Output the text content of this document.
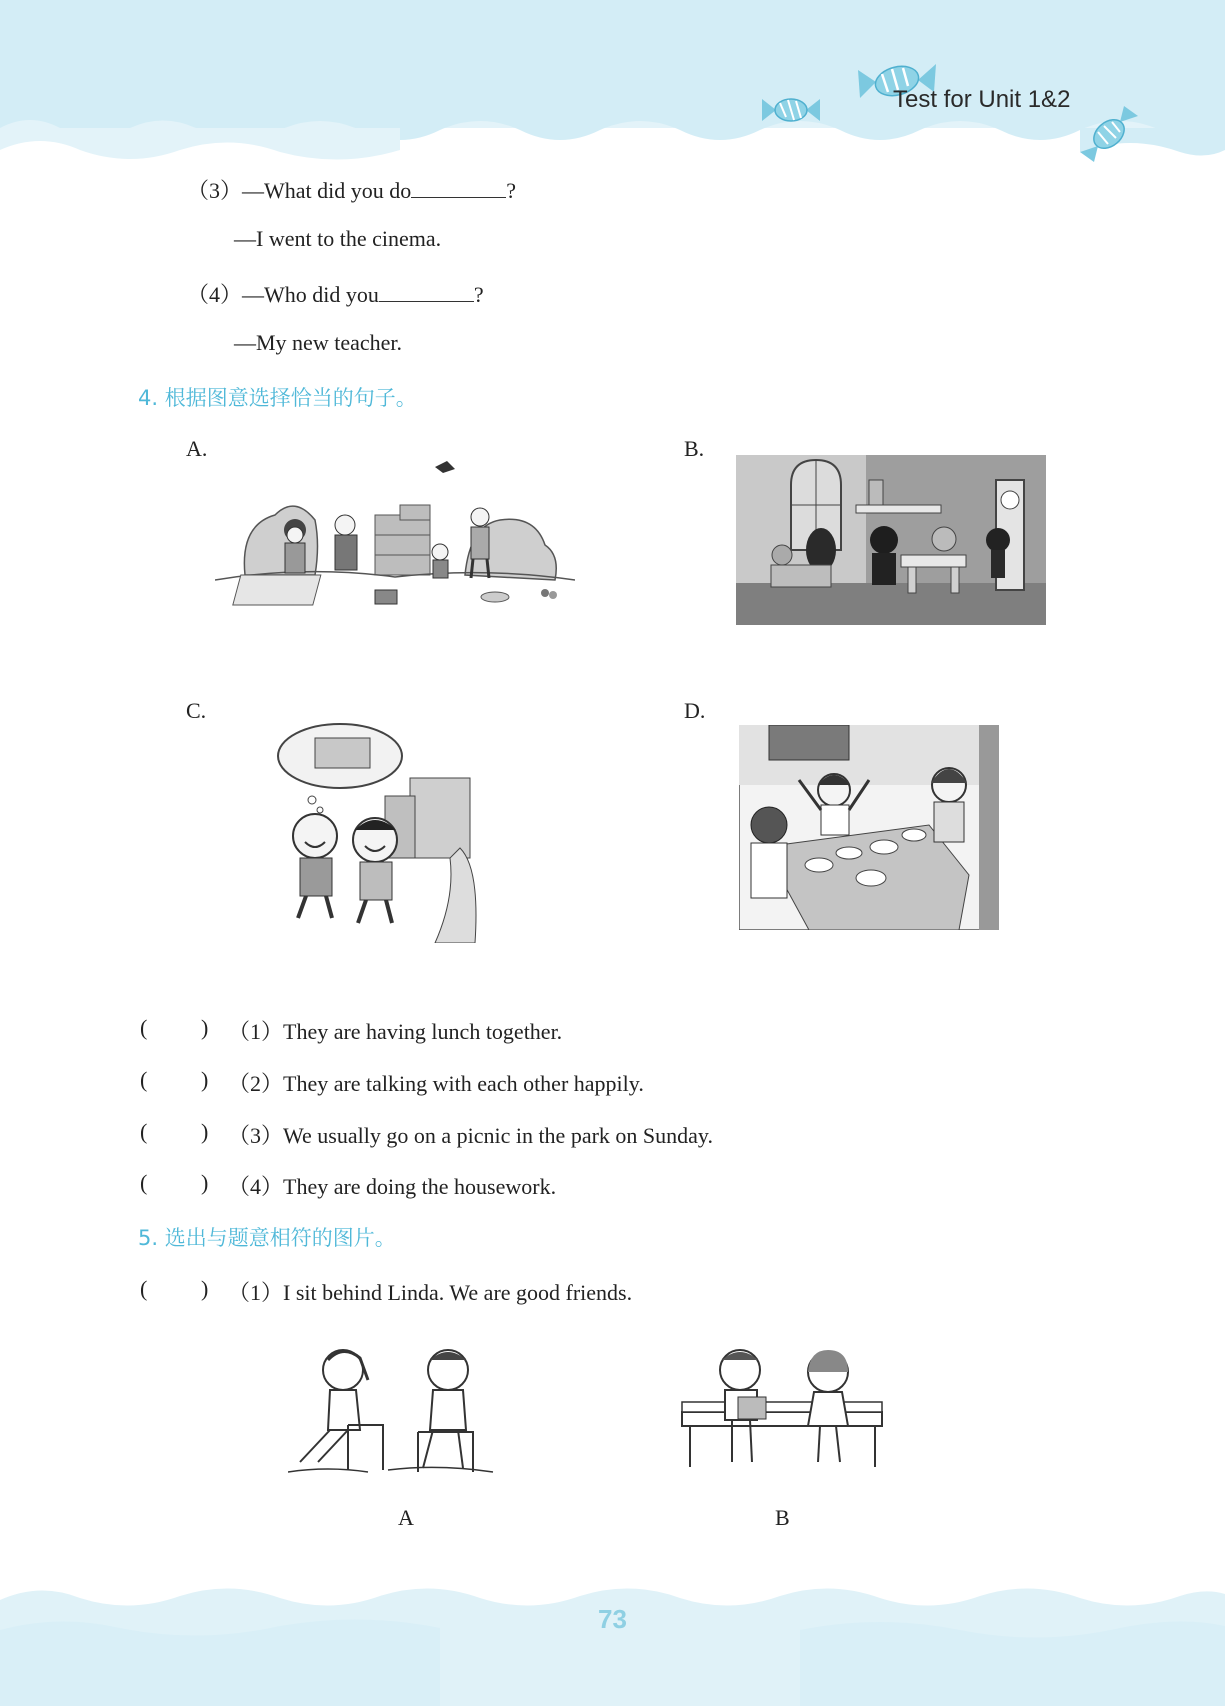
Test for Unit 1&2
（3）—What did you do	?
—I went to the cinema.
（4）—Who did you	?
—My new teacher.
4. 根据图意选择恰当的句子。
A.	B.
C.	D.
( ) （1）They are having lunch together.
( ) （2）They are talking with each other happily.
( ) （3）We usually go on a picnic in the park on Sunday.
( ) （4）They are doing the housework.
5. 选出与题意相符的图片。
( ) （1）I sit behind Linda. We are good friends.
A	B
73
